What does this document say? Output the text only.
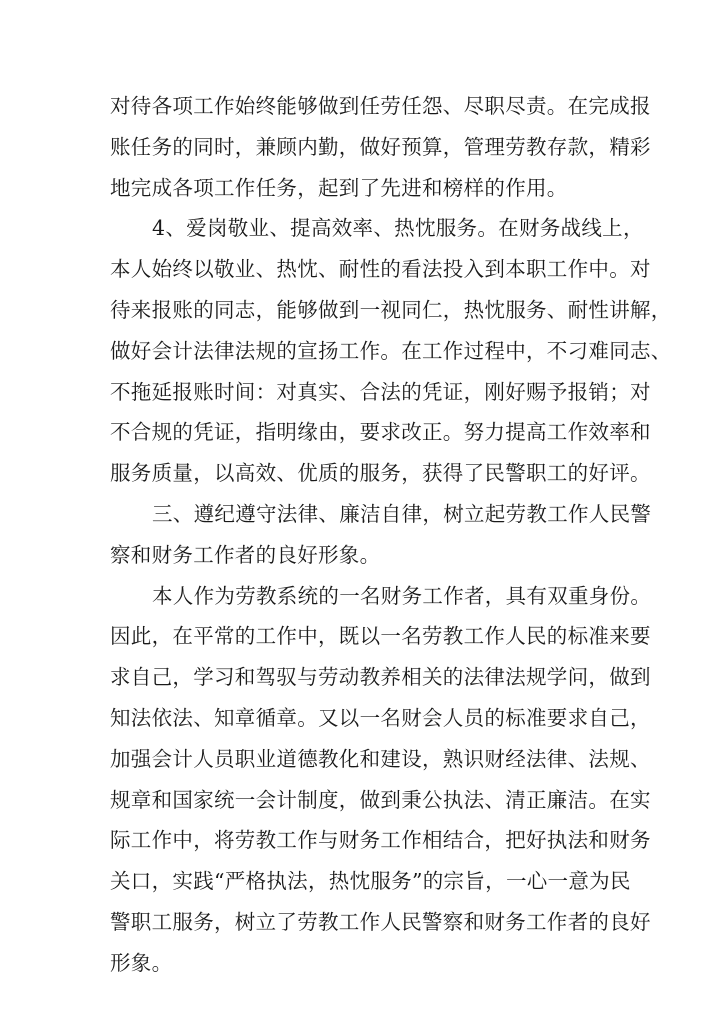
对待各项工作始终能够做到任劳任怨、尽职尽责。在完成报
账任务的同时，兼顾内勤，做好预算，管理劳教存款，精彩
地完成各项工作任务，起到了先进和榜样的作用。
4、爱岗敬业、提高效率、热忱服务。在财务战线上，
本人始终以敬业、热忱、耐性的看法投入到本职工作中。对
待来报账的同志，能够做到一视同仁，热忱服务、耐性讲解，
做好会计法律法规的宣扬工作。在工作过程中，不刁难同志、
不拖延报账时间：对真实、合法的凭证，刚好赐予报销；对
不合规的凭证，指明缘由，要求改正。努力提高工作效率和
服务质量，以高效、优质的服务，获得了民警职工的好评。
三、遵纪遵守法律、廉洁自律，树立起劳教工作人民警
察和财务工作者的良好形象。
本人作为劳教系统的一名财务工作者，具有双重身份。
因此，在平常的工作中，既以一名劳教工作人民的标准来要
求自己，学习和驾驭与劳动教养相关的法律法规学问，做到
知法依法、知章循章。又以一名财会人员的标准要求自己，
加强会计人员职业道德教化和建设，熟识财经法律、法规、
规章和国家统一会计制度，做到秉公执法、清正廉洁。在实
际工作中，将劳教工作与财务工作相结合，把好执法和财务
关口，实践“严格执法，热忱服务”的宗旨，一心一意为民
警职工服务，树立了劳教工作人民警察和财务工作者的良好
形象。
